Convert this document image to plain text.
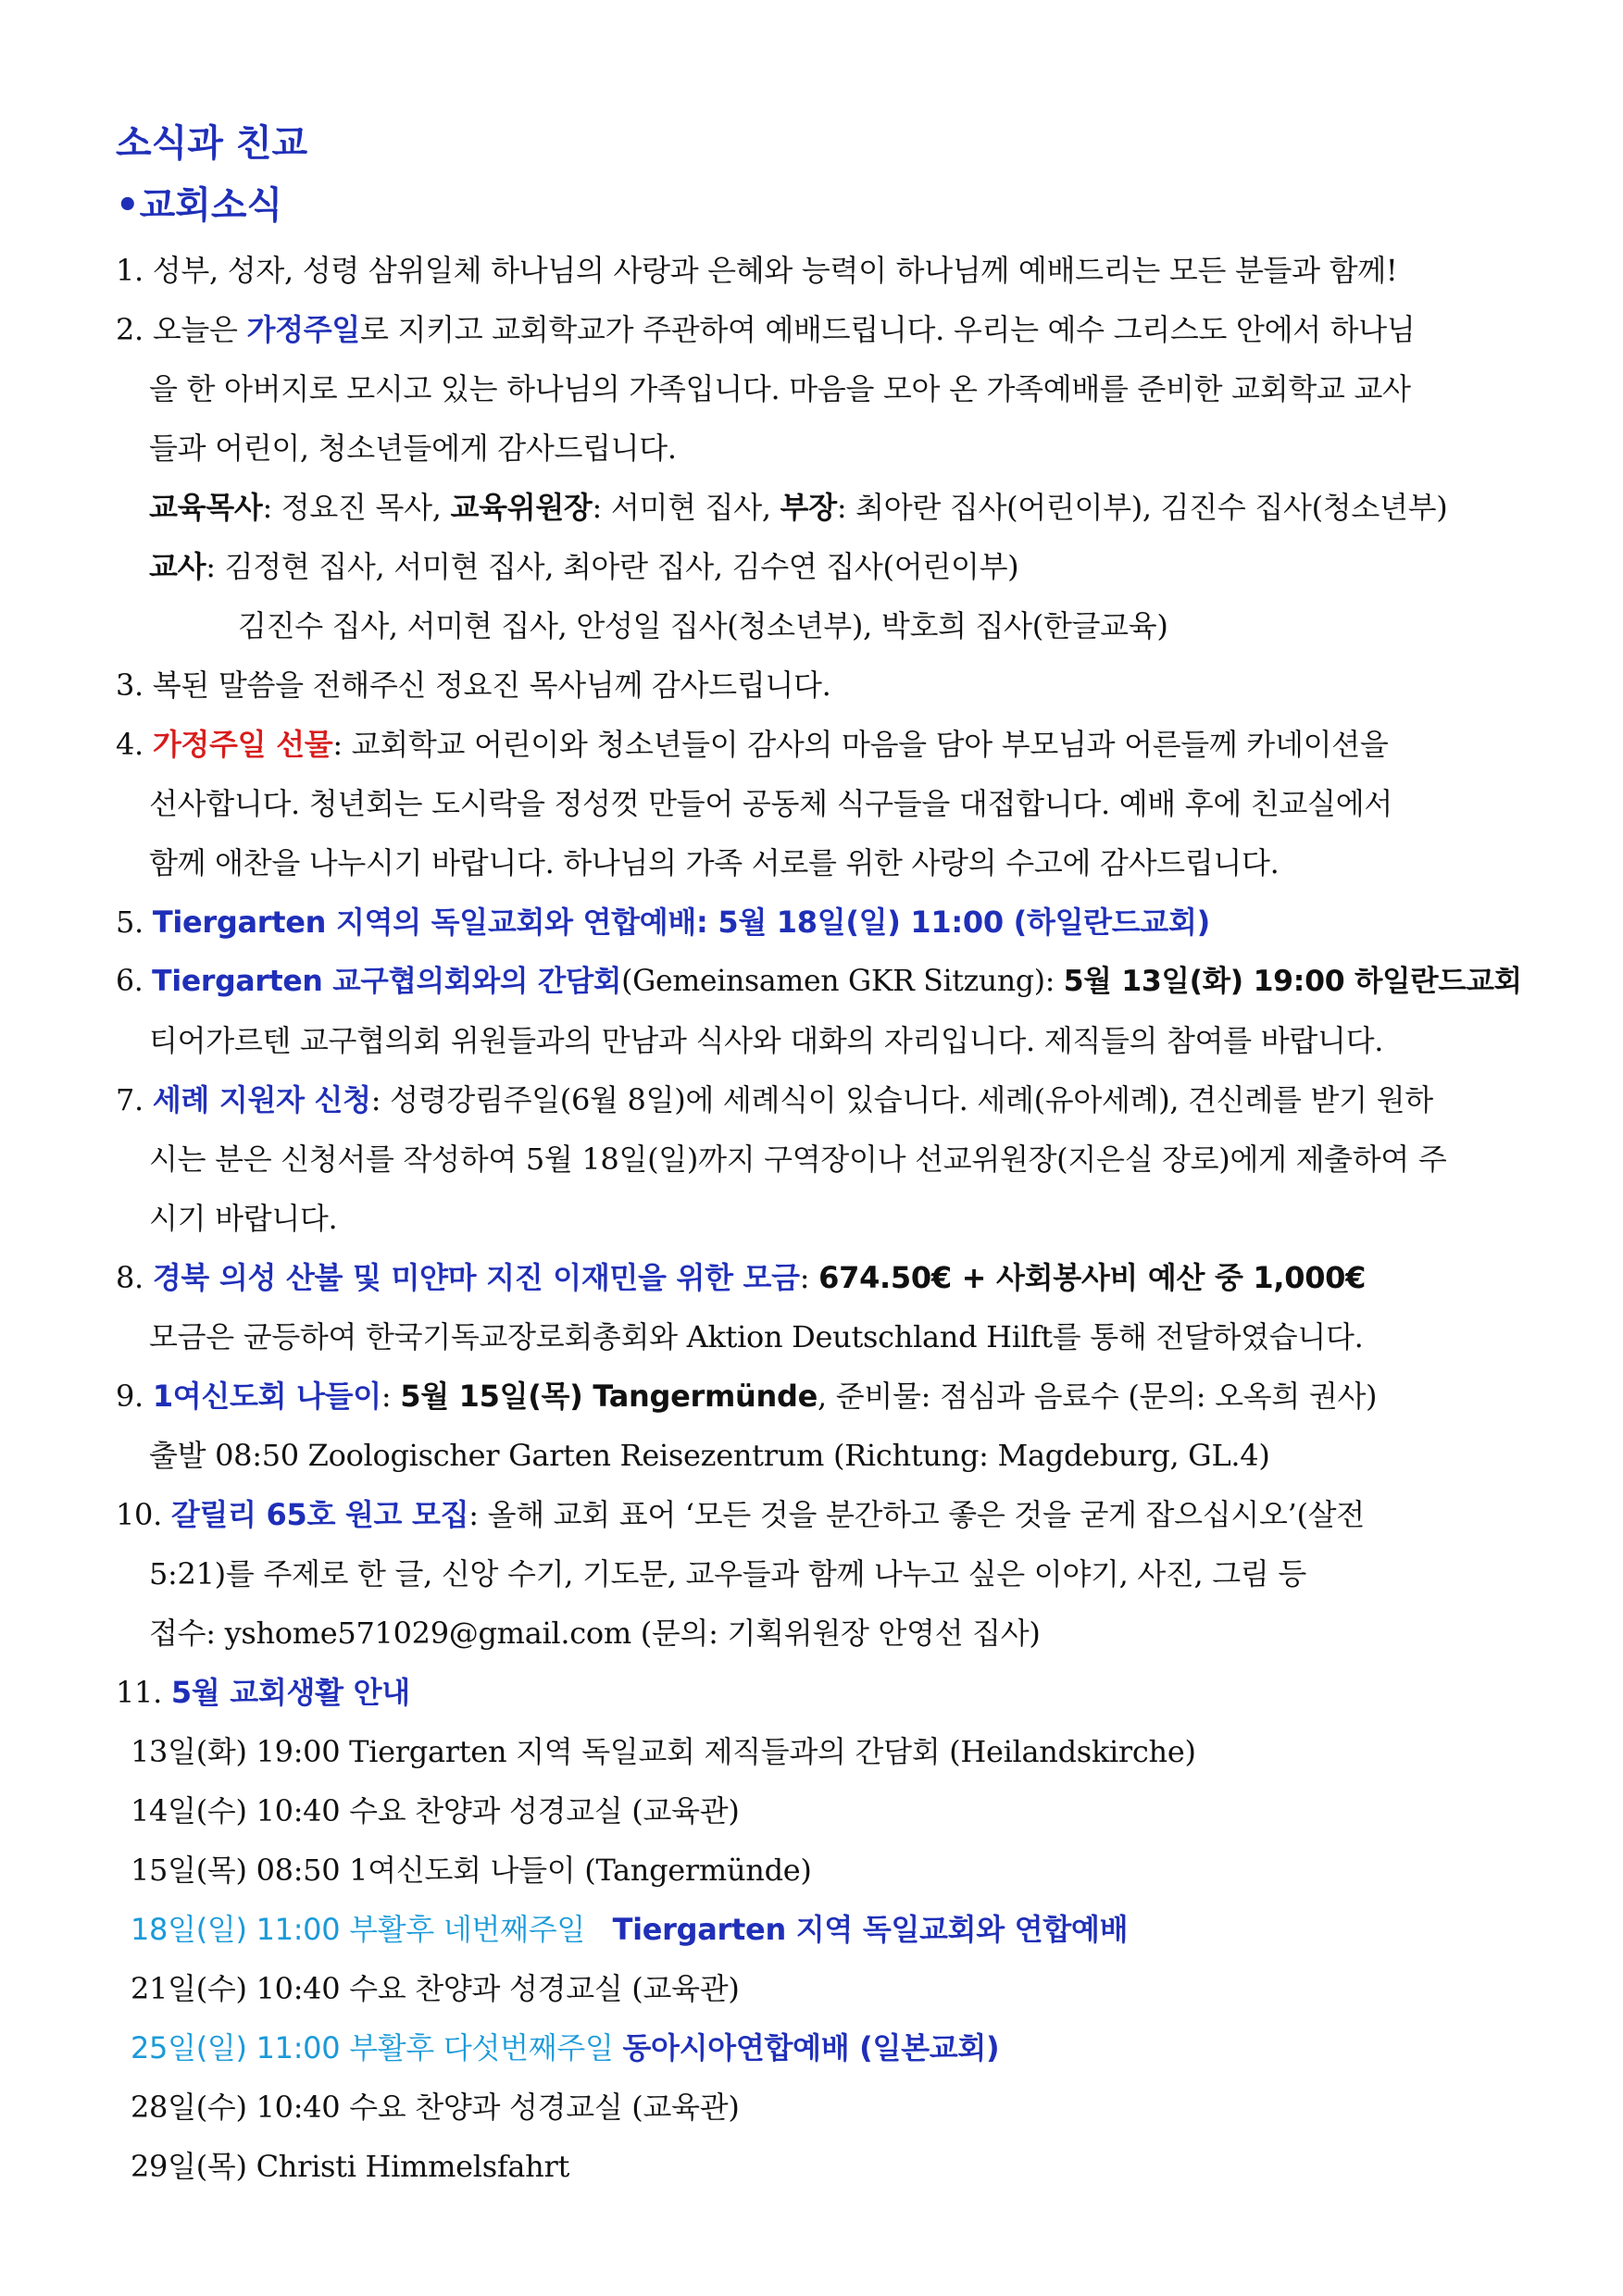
소식과 친교
•교회소식

1. 성부, 성자, 성령 삼위일체 하나님의 사랑과 은혜와 능력이 하나님께 예배드리는 모든 분들과 함께!

2. 오늘은 가정주일로 지키고 교회학교가 주관하여 예배드립니다. 우리는 예수 그리스도 안에서 하나님

을 한 아버지로 모시고 있는 하나님의 가족입니다. 마음을 모아 온 가족예배를 준비한 교회학교 교사

들과 어린이, 청소년들에게 감사드립니다.

교육목사: 정요진 목사, 교육위원장: 서미현 집사, 부장: 최아란 집사(어린이부), 김진수 집사(청소년부)

교사: 김정현 집사, 서미현 집사, 최아란 집사, 김수연 집사(어린이부)

김진수 집사, 서미현 집사, 안성일 집사(청소년부), 박호희 집사(한글교육)

3. 복된 말씀을 전해주신 정요진 목사님께 감사드립니다.

4. 가정주일 선물: 교회학교 어린이와 청소년들이 감사의 마음을 담아 부모님과 어른들께 카네이션을

선사합니다. 청년회는 도시락을 정성껏 만들어 공동체 식구들을 대접합니다. 예배 후에 친교실에서

함께 애찬을 나누시기 바랍니다. 하나님의 가족 서로를 위한 사랑의 수고에 감사드립니다.

5. Tiergarten 지역의 독일교회와 연합예배: 5월 18일(일) 11:00 (하일란드교회)

6. Tiergarten 교구협의회와의 간담회(Gemeinsamen GKR Sitzung): 5월 13일(화) 19:00 하일란드교회

티어가르텐 교구협의회 위원들과의 만남과 식사와 대화의 자리입니다. 제직들의 참여를 바랍니다.

7. 세례 지원자 신청: 성령강림주일(6월 8일)에 세례식이 있습니다. 세례(유아세례), 견신례를 받기 원하

시는 분은 신청서를 작성하여 5월 18일(일)까지 구역장이나 선교위원장(지은실 장로)에게 제출하여 주

시기 바랍니다.

8. 경북 의성 산불 및 미얀마 지진 이재민을 위한 모금: 674.50€ + 사회봉사비 예산 중 1,000€

모금은 균등하여 한국기독교장로회총회와 Aktion Deutschland Hilft를 통해 전달하였습니다.

9. 1여신도회 나들이: 5월 15일(목) Tangermünde, 준비물: 점심과 음료수 (문의: 오옥희 권사)

출발 08:50 Zoologischer Garten Reisezentrum (Richtung: Magdeburg, GL.4)

10. 갈릴리 65호 원고 모집: 올해 교회 표어 ‘모든 것을 분간하고 좋은 것을 굳게 잡으십시오’(살전

5:21)를 주제로 한 글, 신앙 수기, 기도문, 교우들과 함께 나누고 싶은 이야기, 사진, 그림 등

접수: yshome571029@gmail.com (문의: 기획위원장 안영선 집사)

11. 5월 교회생활 안내

13일(화) 19:00 Tiergarten 지역 독일교회 제직들과의 간담회 (Heilandskirche)

14일(수) 10:40 수요 찬양과 성경교실 (교육관)

15일(목) 08:50 1여신도회 나들이 (Tangermünde)

18일(일) 11:00 부활후 네번째주일 Tiergarten 지역 독일교회와 연합예배

21일(수) 10:40 수요 찬양과 성경교실 (교육관)

25일(일) 11:00 부활후 다섯번째주일 동아시아연합예배 (일본교회)

28일(수) 10:40 수요 찬양과 성경교실 (교육관)

29일(목) Christi Himmelsfahrt
